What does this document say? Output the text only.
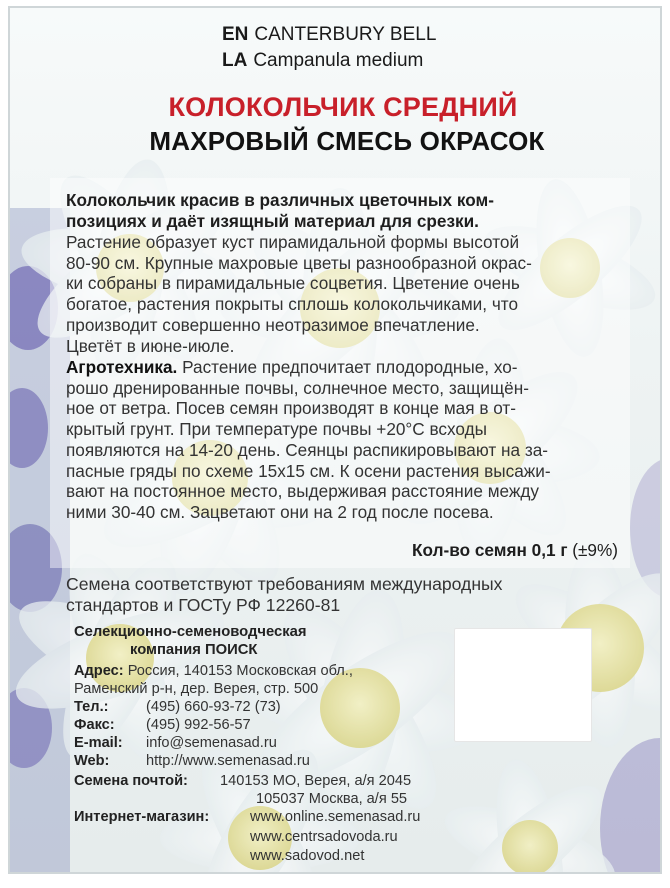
EN CANTERBURY BELL
LA Campanula medium
КОЛОКОЛЬЧИК СРЕДНИЙ
МАХРОВЫЙ СМЕСЬ ОКРАСОК
Колокольчик красив в различных цветочных ком-
позициях и даёт изящный материал для срезки.
Растение образует куст пирамидальной формы высотой
80-90 см. Крупные махровые цветы разнообразной окрас-
ки собраны в пирамидальные соцветия. Цветение очень
богатое, растения покрыты сплошь колокольчиками, что
производит совершенно неотразимое впечатление.
Цветёт в июне-июле.
Агротехника. Растение предпочитает плодородные, хо-
рошо дренированные почвы, солнечное место, защищён-
ное от ветра. Посев семян производят в конце мая в от-
крытый грунт. При температуре почвы +20°С всходы
появляются на 14-20 день. Сеянцы распикировывают на за-
пасные гряды по схеме 15х15 см. К осени растения высажи-
вают на постоянное место, выдерживая расстояние между
ними 30-40 см. Зацветают они на 2 год после посева.
Кол-во семян 0,1 г (±9%)
Семена соответствуют требованиям международных
стандартов и ГОСТу РФ 12260-81
Селекционно-семеноводческая
компания ПОИСК
Адрес: Россия, 140153 Московская обл.,
Раменский р-н, дер. Верея, стр. 500
Тел.:	(495) 660-93-72 (73)
Факс: (495) 992-56-57
E-mail: info@semenasad.ru
Web:	http://www.semenasad.ru
Семена почтой: 140153 МО, Верея, а/я 2045
105037 Москва, а/я 55
Интернет-магазин:	www.online.semenasad.ru
www.centrsadovoda.ru
www.sadovod.net
